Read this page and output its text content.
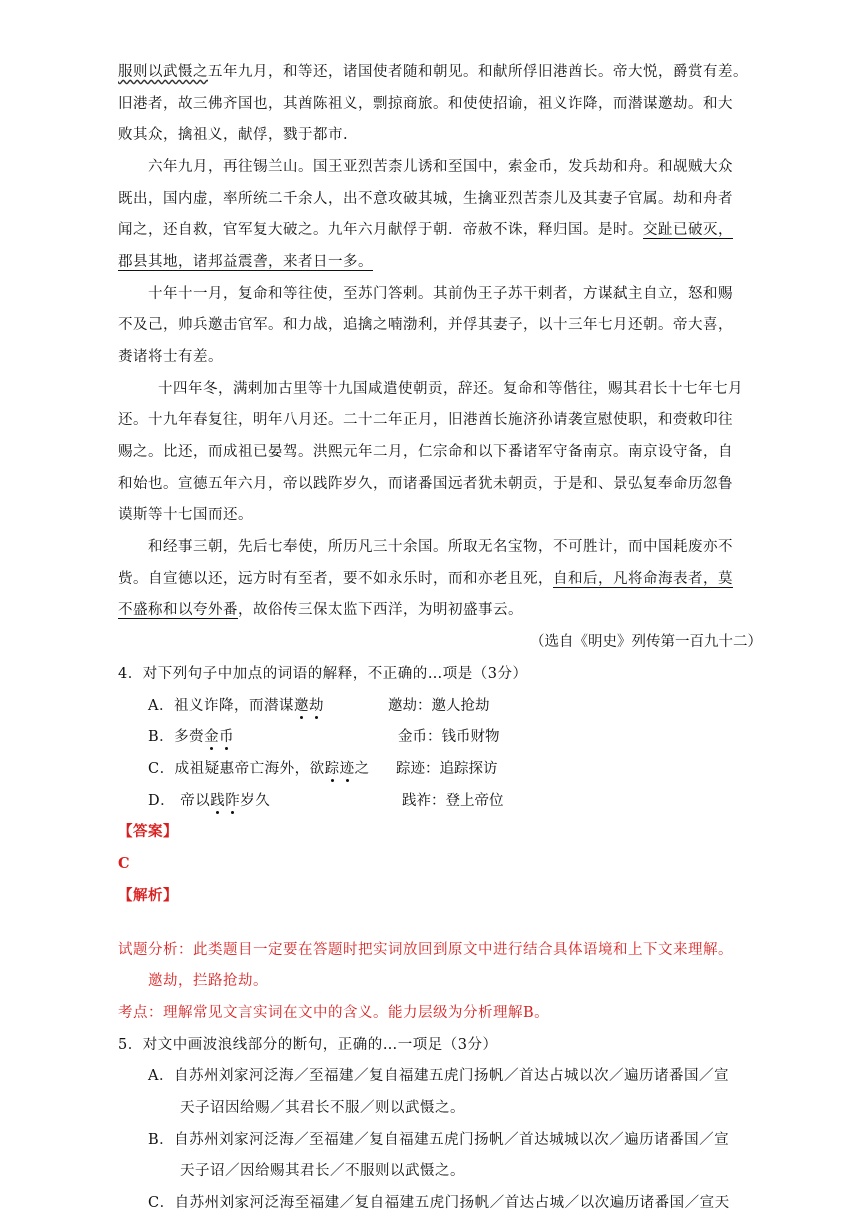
服则以武慑之五年九月，和等还，诸国使者随和朝见。和献所俘旧港酋长。帝大悦，爵赏有差。
旧港者，故三佛齐国也，其酋陈祖义，剽掠商旅。和使使招谕，祖义诈降，而潜谋邀劫。和大
败其众，擒祖义，献俘，戮于都市.
六年九月，再往锡兰山。国王亚烈苦柰儿诱和至国中，索金币，发兵劫和舟。和觇贼大众
既出，国内虚，率所统二千余人，出不意攻破其城，生擒亚烈苦柰儿及其妻子官属。劫和舟者
闻之，还自救，官军复大破之。九年六月献俘于朝．帝赦不诛，释归国。是时。交趾已破灭，
郡县其地，诸邦益震詟，来者日一多。
十年十一月，复命和等往使，至苏门答剌。其前伪王子苏干剌者，方谋弑主自立，怒和赐
不及己，帅兵邀击官军。和力战，追擒之喃渤利，并俘其妻子，以十三年七月还朝。帝大喜，
赉诸将士有差。
十四年冬，满剌加古里等十九国咸遣使朝贡，辞还。复命和等偕往，赐其君长十七年七月
还。十九年春复往，明年八月还。二十二年正月，旧港酋长施济孙请袭宣慰使职，和赍敕印往
赐之。比还，而成祖已晏驾。洪熙元年二月，仁宗命和以下番诸军守备南京。南京设守备，自
和始也。宣德五年六月，帝以践阼岁久，而诸番国远者犹未朝贡，于是和、景弘复奉命历忽鲁
谟斯等十七国而还。
和经事三朝，先后七奉使，所历凡三十余国。所取无名宝物，不可胜计，而中国耗废亦不
赀。自宣德以还，远方时有至者，要不如永乐时，而和亦老且死，自和后，凡将命海表者，莫
不盛称和以夸外番，故俗传三保太监下西洋，为明初盛事云。
（选自《明史》列传第一百九十二）
4．对下列句子中加点的词语的解释，不正确的…项是（3分）
A．祖义诈降，而潜谋邀劫	邀劫：邀人抢劫
B．多赍金币	金币：钱币财物
C．成祖疑惠帝亡海外，欲踪迹之 踪迹：追踪探访
D． 帝以践阼岁久	践祚：登上帝位
【答案】
C
【解析】
试题分析：此类题目一定要在答题时把实词放回到原文中进行结合具体语境和上下文来理解。
邀劫，拦路抢劫。
考点：理解常见文言实词在文中的含义。能力层级为分析理解B。
5．对文中画波浪线部分的断句，正确的…一项足（3分）
A．自苏州刘家河泛海／至福建／复自福建五虎门扬帆／首达占城以次／遍历诸番国／宣
天子诏因给赐／其君长不服／则以武慑之。
B．自苏州刘家河泛海／至福建／复自福建五虎门扬帆／首达城城以次／遍历诸番国／宣
天子诏／因给赐其君长／不服则以武慑之。
C．自苏州刘家河泛海至福建／复自福建五虎门扬帆／首达占城／以次遍历诸番国／宣天
